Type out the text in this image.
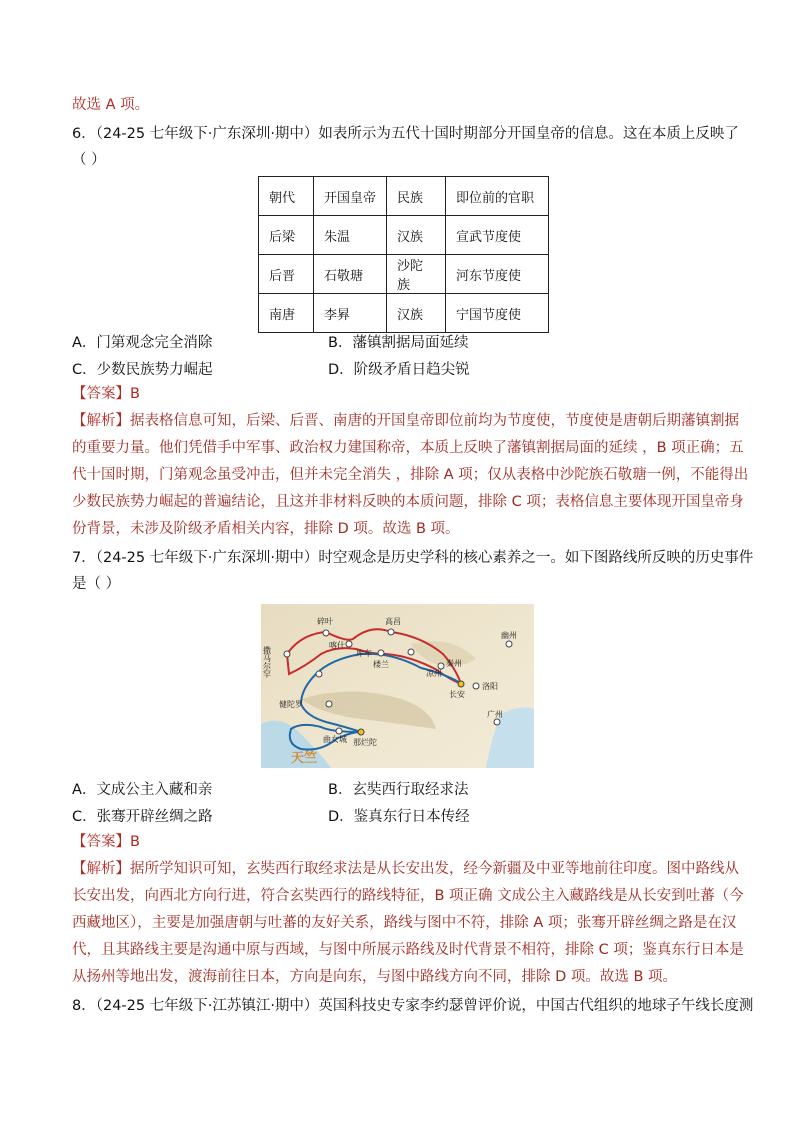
故选 A 项。
6．（24-25 七年级下·广东深圳·期中）如表所示为五代十国时期部分开国皇帝的信息。这在本质上反映了
（ ）
朝代	开国皇帝	民族	即位前的官职
后梁	朱温	汉族	宣武节度使
后晋	石敬瑭	沙陀族	河东节度使
南唐	李昪	汉族	宁国节度使
A．门第观念完全消除	B．藩镇割据局面延续
C．少数民族势力崛起	D．阶级矛盾日趋尖锐
【答案】B
【解析】据表格信息可知，后梁、后晋、南唐的开国皇帝即位前均为节度使，节度使是唐朝后期藩镇割据
的重要力量。他们凭借手中军事、政治权力建国称帝，本质上反映了藩镇割据局面的延续 ，B 项正确；五
代十国时期，门第观念虽受冲击，但并未完全消失 ，排除 A 项；仅从表格中沙陀族石敬瑭一例，不能得出
少数民族势力崛起的普遍结论，且这并非材料反映的本质问题，排除 C 项；表格信息主要体现开国皇帝身
份背景，未涉及阶级矛盾相关内容，排除 D 项。故选 B 项。
7．（24-25 七年级下·广东深圳·期中）时空观念是历史学科的核心素养之一。如下图路线所反映的历史事件
是（ ）
撒马尔罕
碎叶	高昌
幽州
喀什
库车
楼兰	秦州
凉州
洛阳
长安
健陀罗
曲女城 那烂陀
广州
天竺
A．文成公主入藏和亲	B．玄奘西行取经求法
C．张骞开辟丝绸之路	D．鉴真东行日本传经
【答案】B
【解析】据所学知识可知，玄奘西行取经求法是从长安出发，经今新疆及中亚等地前往印度。图中路线从
长安出发，向西北方向行进，符合玄奘西行的路线特征，B 项正确 文成公主入藏路线是从长安到吐蕃（今
西藏地区），主要是加强唐朝与吐蕃的友好关系，路线与图中不符，排除 A 项；张骞开辟丝绸之路是在汉
代，且其路线主要是沟通中原与西域，与图中所展示路线及时代背景不相符，排除 C 项；鉴真东行日本是
从扬州等地出发，渡海前往日本，方向是向东，与图中路线方向不同，排除 D 项。故选 B 项。
8．（24-25 七年级下·江苏镇江·期中）英国科技史专家李约瑟曾评价说，中国古代组织的地球子午线长度测
